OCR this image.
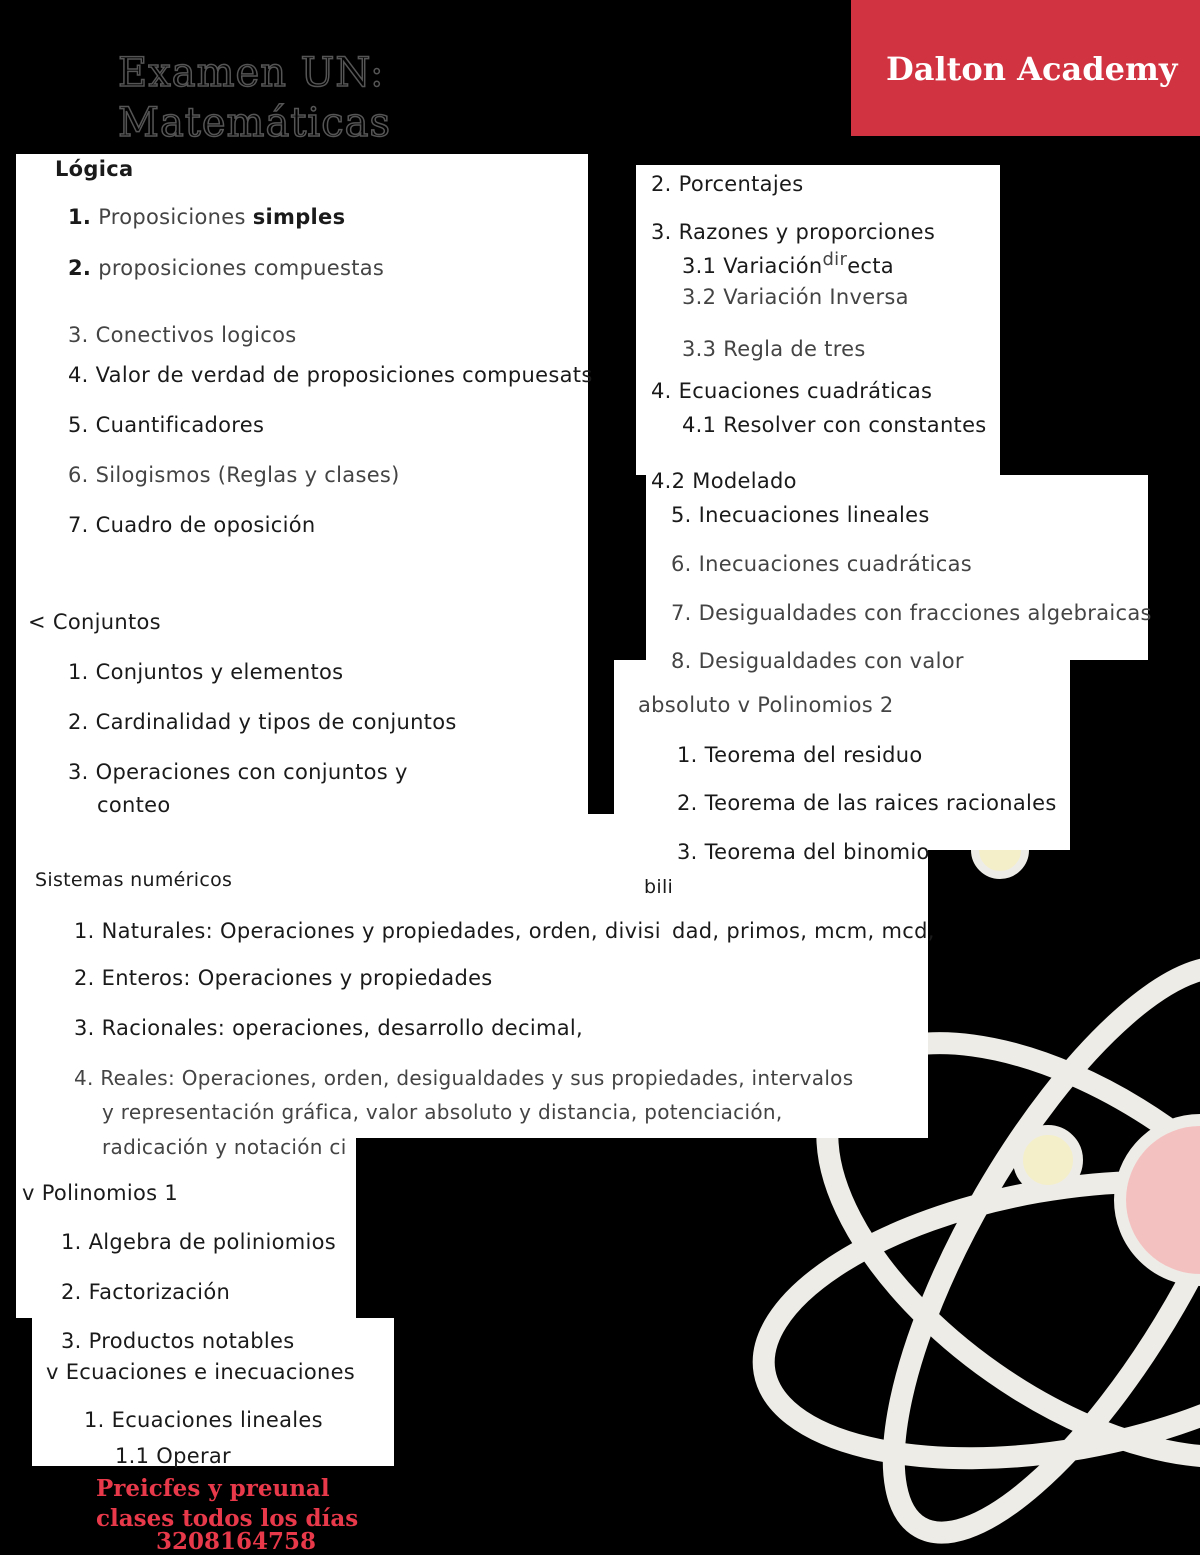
Dalton Academy
Examen UN:
Matemáticas
Lógica
1. Proposiciones simples
2. proposiciones compuestas
3. Conectivos logicos
4. Valor de verdad de proposiciones compuesats
5. Cuantificadores
6. Silogismos (Reglas y clases)
7. Cuadro de oposición
< Conjuntos
1. Conjuntos y elementos
2. Cardinalidad y tipos de conjuntos
3. Operaciones con conjuntos y
conteo
2. Porcentajes
3. Razones y proporciones
3.1 Variacióndirecta
3.2 Variación Inversa
3.3 Regla de tres
4. Ecuaciones cuadráticas
4.1 Resolver con constantes
4.2 Modelado
5. Inecuaciones lineales
6. Inecuaciones cuadráticas
7. Desigualdades con fracciones algebraicas
8. Desigualdades con valor
absoluto v Polinomios 2
1. Teorema del residuo
2. Teorema de las raices racionales
3. Teorema del binomio
Sistemas numéricos	bili
1. Naturales: Operaciones y propiedades, orden, divisi dad, primos, mcm, mcd,
2. Enteros: Operaciones y propiedades
3. Racionales: operaciones, desarrollo decimal,
4. Reales: Operaciones, orden, desigualdades y sus propiedades, intervalos
y representación gráfica, valor absoluto y distancia, potenciación,
radicación y notación ci
v Polinomios 1
1. Algebra de poliniomios
2. Factorización
3. Productos notables
v Ecuaciones e inecuaciones
1. Ecuaciones lineales
1.1 Operar
Preicfes y preunal
clases todos los días
3208164758
